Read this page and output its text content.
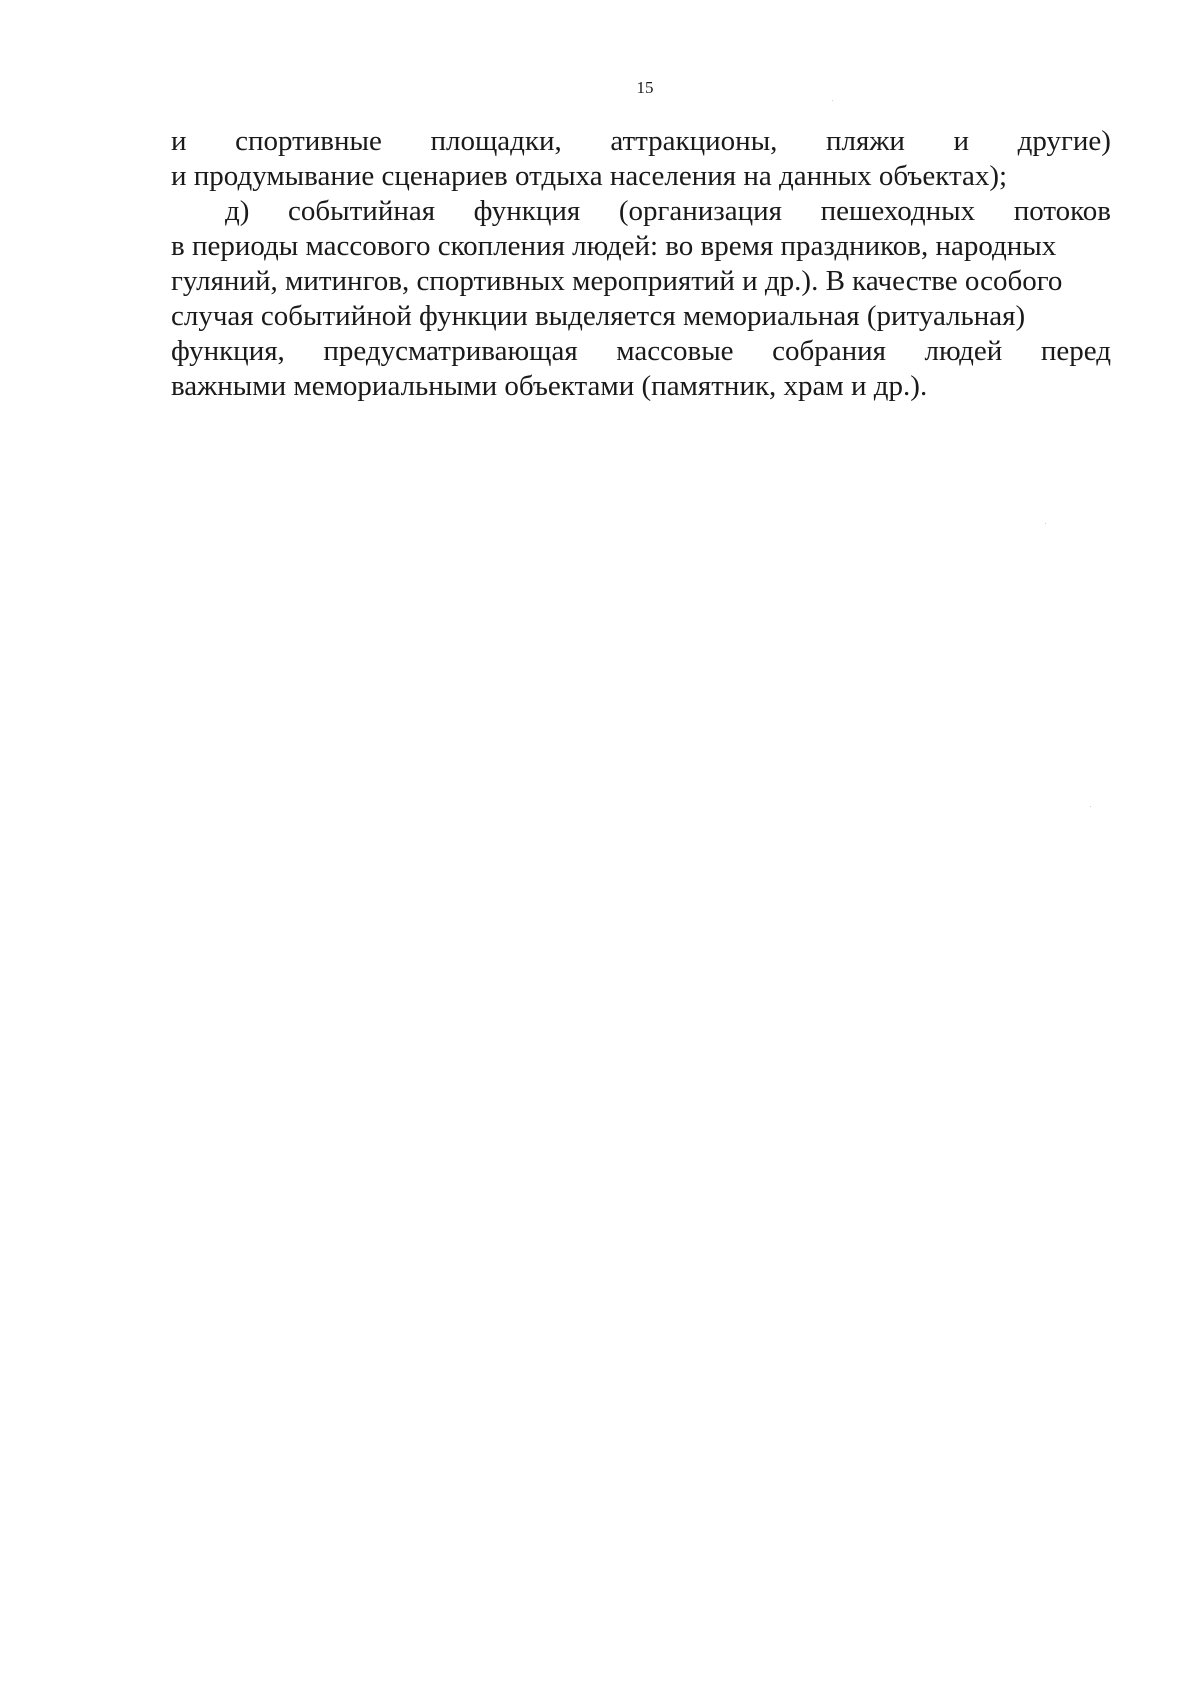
15
и спортивные площадки, аттракционы, пляжи и другие)
и продумывание сценариев отдыха населения на данных объектах);
д) событийная функция (организация пешеходных потоков
в периоды массового скопления людей: во время праздников, народных
гуляний, митингов, спортивных мероприятий и др.). В качестве особого
случая событийной функции выделяется мемориальная (ритуальная)
функция, предусматривающая массовые собрания людей перед
важными мемориальными объектами (памятник, храм и др.).
